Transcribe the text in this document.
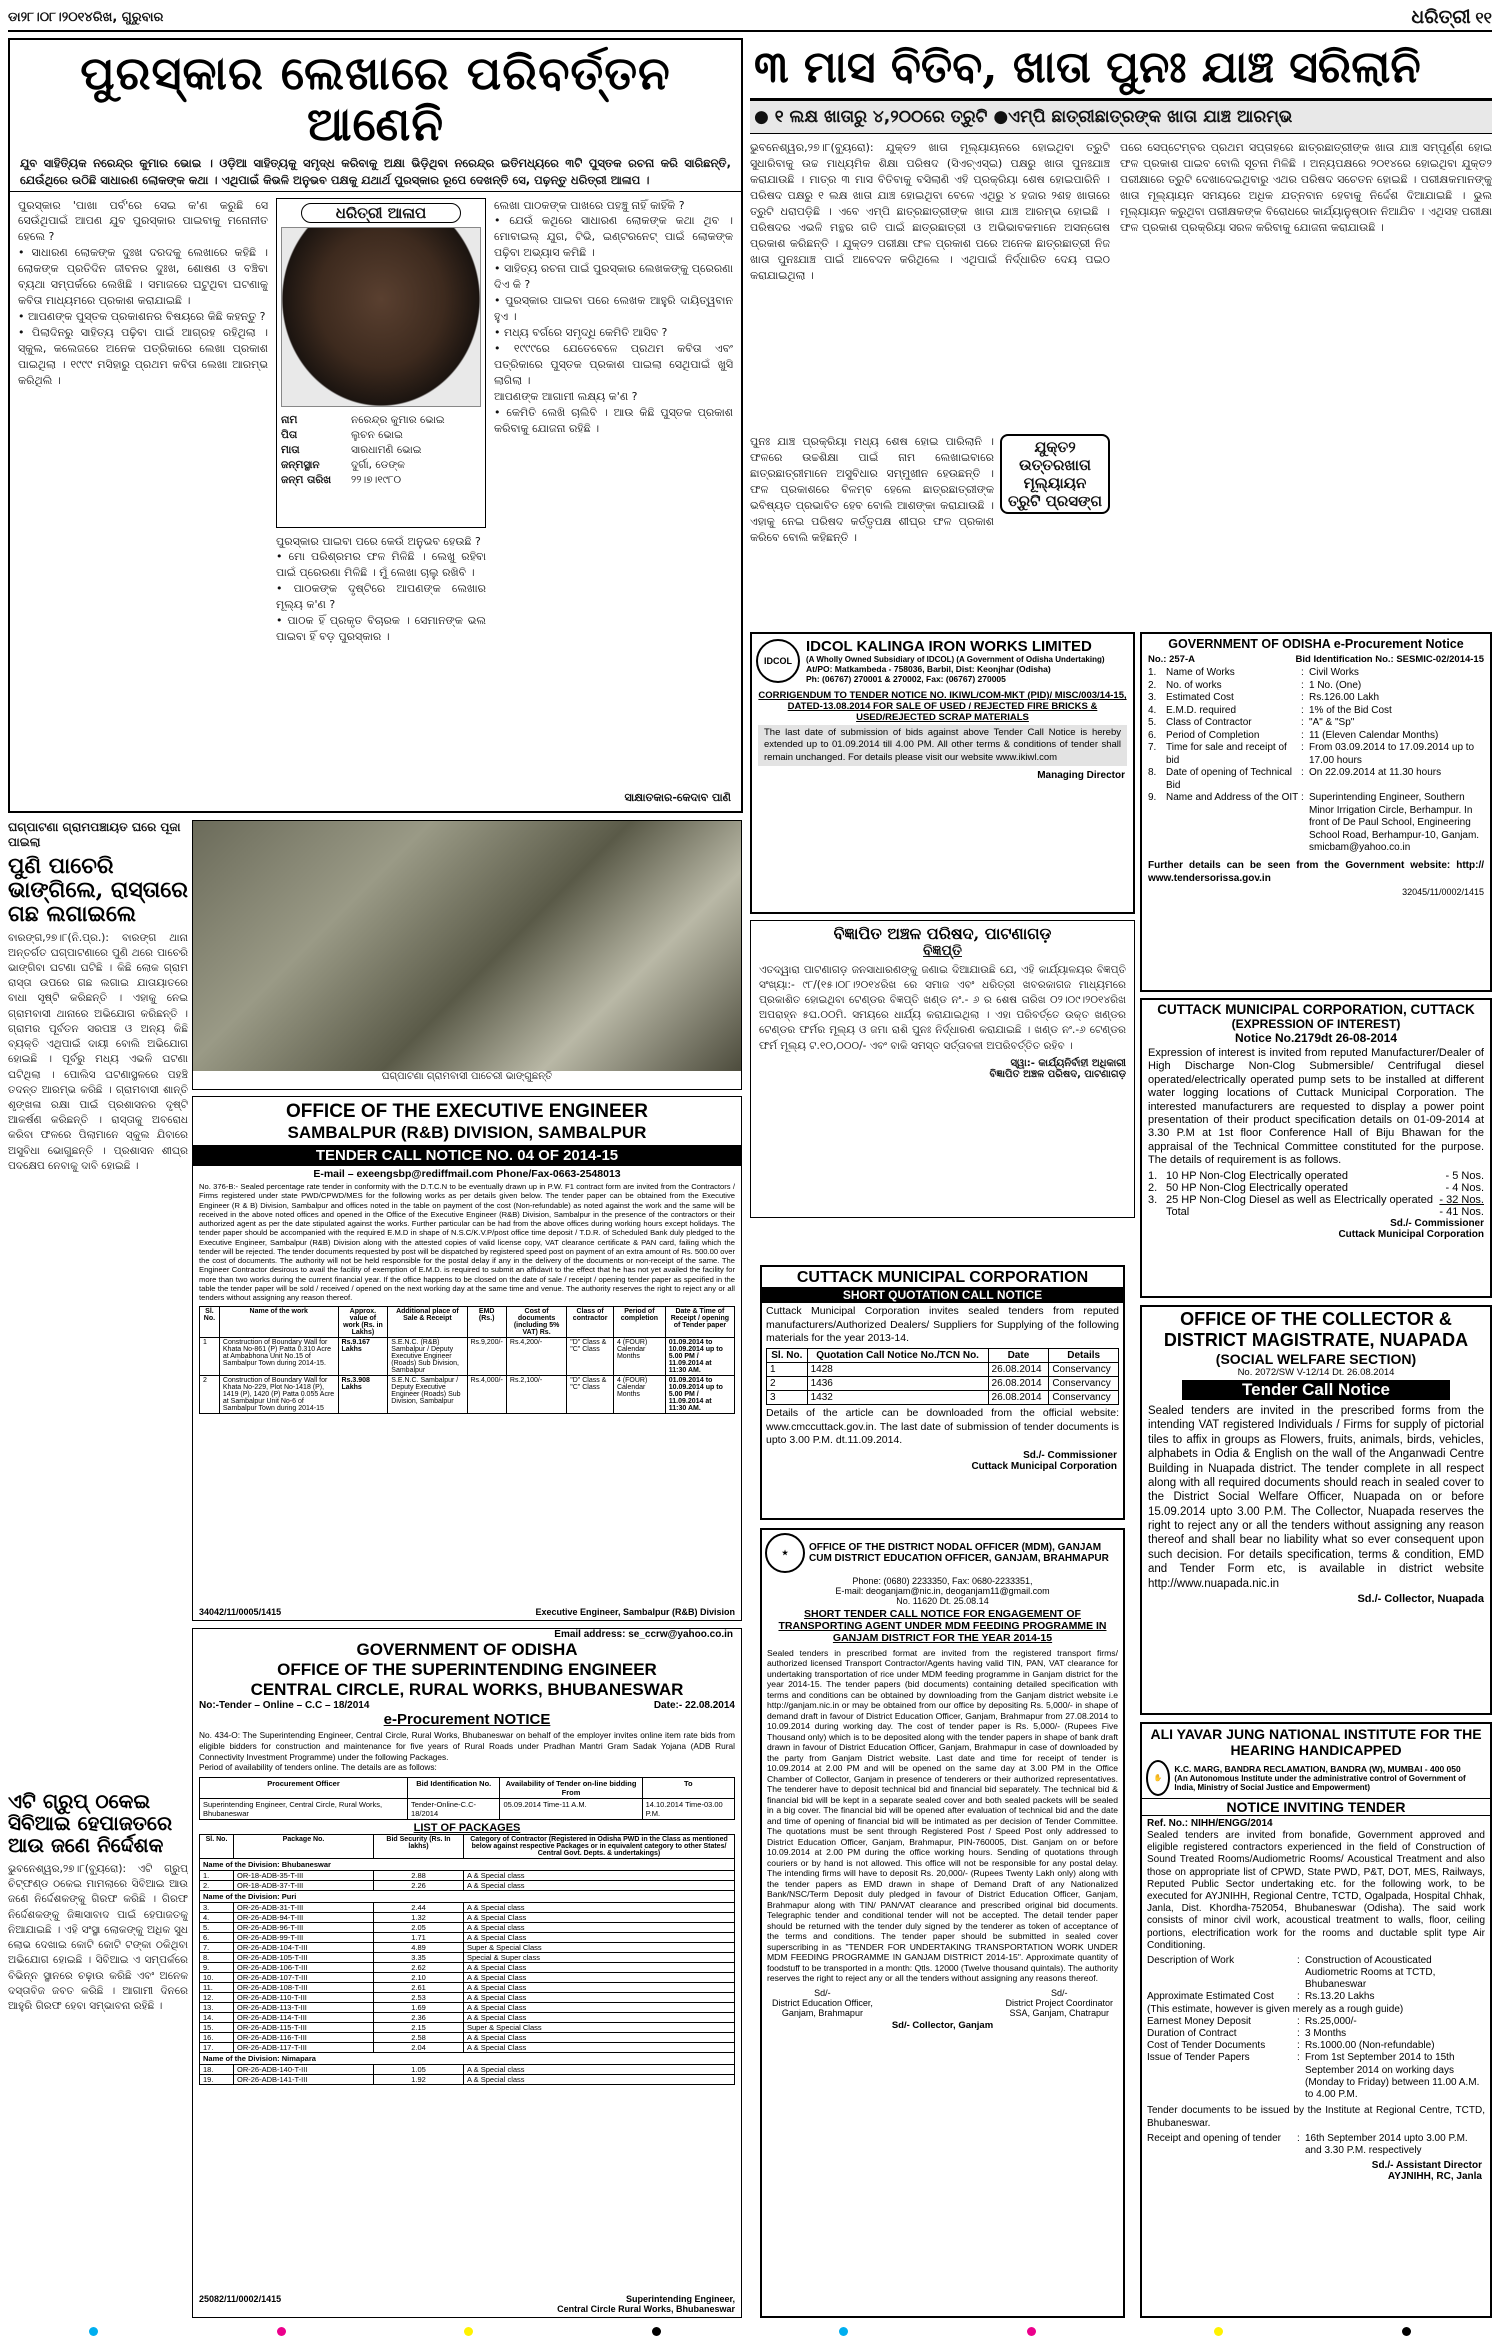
ଡା୨୮।୦୮।୨୦୧୪ରିଖ, ଗୁରୁବାର	ଧରିତ୍ରୀ ୧୧
ପୁରସ୍କାର ଲେଖାରେ ପରିବର୍ତ୍ତନ ଆଣେନି
ଯୁବ ସାହିତ୍ୟିକ ନରେନ୍ଦ୍ର କୁମାର ଭୋଇ । ଓଡ଼ିଆ ସାହିତ୍ୟକୁ ସମୃଦ୍ଧ କରିବାକୁ ଅକ୍ଷା ଭିଡ଼ିଥିବା ନରେନ୍ଦ୍ର ଇତିମଧ୍ୟରେ ୩ଟି ପୁସ୍ତକ ରଚନା କରି ସାରିଛନ୍ତି, ଯେଉଁଥିରେ ଉଠିଛି ସାଧାରଣ ଲୋକଙ୍କ କଥା । ଏଥିପାଇଁ କିଭଳି ଅନୁଭବ ପକ୍ଷକୁ ଯଥାର୍ଥ ପୁରସ୍କାର ରୂପେ ଦେଖନ୍ତି ସେ, ପଢ଼ନ୍ତୁ ଧରିତ୍ରୀ ଆଳାପ ।
ପୁରସ୍କାର 'ପାଖା ପର୍ବ'ରେ ସେଇ କ'ଣ କରୁଛି ସେ ସେଉଁଥିପାଇଁ ଆପଣ ଯୁବ ପୁରସ୍କାର ପାଇବାକୁ ମନୋନୀତ ହେଲେ ?
• ସାଧାରଣ ଲୋକଙ୍କ ଦୁଃଖ ଦରଦକୁ ଲେଖାରେ କହିଛି । ଲୋକଙ୍କ ପ୍ରତିଦିନ ଜୀବନର ଦୁଃଖ, ଶୋଷଣ ଓ ବଞ୍ଚିବା ବ୍ୟଥା ସମ୍ପର୍କରେ ଲେଖିଛି । ସମାଜରେ ଘଟୁଥିବା ଘଟଣାକୁ କବିତା ମାଧ୍ୟମରେ ପ୍ରକାଶ କରାଯାଇଛି ।
• ଆପଣଙ୍କ ପୁସ୍ତକ ପ୍ରକାଶନର ବିଷୟରେ କିଛି କହନ୍ତୁ ?
• ପିଲାଦିନରୁ ସାହିତ୍ୟ ପଢ଼ିବା ପାଇଁ ଆଗ୍ରହ ରହିଥିଲା । ସ୍କୁଲ, କଲେଜରେ ଅନେକ ପତ୍ରିକାରେ ଲେଖା ପ୍ରକାଶ ପାଇଥିଲା । ୧୯୯୯ ମସିହାରୁ ପ୍ରଥମ କବିତା ଲେଖା ଆରମ୍ଭ କରିଥିଲି ।
ଧରିତ୍ରୀ ଆଳାପ
ନାମ	ନରେନ୍ଦ୍ର କୁମାର ଭୋଇ
ପିତା	ଲୁଚନ ଭୋଇ
ମାତା	ସାରଧାମଣି ଭୋଇ
ଜନ୍ମସ୍ଥାନ	ଦୁର୍ଗା, ଡେଙ୍କ
ଜନ୍ମ ତାରିଖ	୨୨।୭।୧୯୮୦
ପୁରସ୍କାର ପାଇବା ପରେ କେଉଁ ଅନୁଭବ ହେଉଛି ?
• ମୋ ପରିଶ୍ରମର ଫଳ ମିଳିଛି । ଲେଖୁ ରହିବା ପାଇଁ ପ୍ରେରଣା ମିଳିଛି । ମୁଁ ଲେଖା ଚାଲୁ ରଖିବି ।
• ପାଠକଙ୍କ ଦୃଷ୍ଟିରେ ଆପଣଙ୍କ ଲେଖାର ମୂଲ୍ୟ କ'ଣ ?
• ପାଠକ ହିଁ ପ୍ରକୃତ ବିଚାରକ । ସେମାନଙ୍କ ଭଲ ପାଇବା ହିଁ ବଡ଼ ପୁରସ୍କାର ।
ଲେଖା ପାଠକଙ୍କ ପାଖରେ ପହଞ୍ଚୁ ନାହିଁ କାହିଁକି ?
• ଯେଉଁ କଥିରେ ସାଧାରଣ ଲୋକଙ୍କ କଥା ଥିବ । ମୋବାଇଲ୍ ଯୁଗ, ଟିଭି, ଇଣ୍ଟରନେଟ୍ ପାଇଁ ଲୋକଙ୍କ ପଢ଼ିବା ଅଭ୍ୟାସ କମିଛି ।
• ସାହିତ୍ୟ ରଚନା ପାଇଁ ପୁରସ୍କାର ଲେଖକଙ୍କୁ ପ୍ରେରଣା ଦିଏ କି ?
• ପୁରସ୍କାର ପାଇବା ପରେ ଲେଖକ ଆହୁରି ଦାୟିତ୍ୱବାନ ହୁଏ ।
• ମଧ୍ୟ ବର୍ଗରେ ସମୃଦ୍ଧି କେମିତି ଆସିବ ?
• ୧୯୯୯ରେ ଯେତେବେଳେ ପ୍ରଥମ କବିତା ଏବଂ ପତ୍ରିକାରେ ପୁସ୍ତକ ପ୍ରକାଶ ପାଇଲା ସେଥିପାଇଁ ଖୁସି ଲାଗିଲା ।
ଆପଣଙ୍କ ଆଗାମୀ ଲକ୍ଷ୍ୟ କ'ଣ ?
• କେମିତି ଲେଖି ଚାଲିବି । ଆଉ କିଛି ପୁସ୍ତକ ପ୍ରକାଶ କରିବାକୁ ଯୋଜନା ରହିଛି ।
ସାକ୍ଷାତକାର-କେଦାବ ପାଣି
୩ ମାସ ବିତିବ, ଖାତା ପୁନଃ ଯାଞ୍ଚ ସରିଲାନି
● ୧ ଲକ୍ଷ ଖାତାରୁ ୪,୨୦୦ରେ ତ୍ରୁଟି ●ଏମ୍‌ପି ଛାତ୍ରୀଛାତ୍ରଙ୍କ ଖାତା ଯାଞ୍ଚ ଆରମ୍ଭ
ଭୁବନେଶ୍ୱର,୨୭।୮(ବ୍ୟୁରୋ): ଯୁକ୍ତ୨ ଖାତା ମୂଲ୍ୟାୟନରେ ହୋଇଥିବା ତ୍ରୁଟି ସୁଧାରିବାକୁ ଉଚ୍ଚ ମାଧ୍ୟମିକ ଶିକ୍ଷା ପରିଷଦ (ସିଏଚ୍‌ଏସ୍‌ଇ) ପକ୍ଷରୁ ଖାତା ପୁନଃଯାଞ୍ଚ କରାଯାଉଛି । ମାତ୍ର ୩ ମାସ ବିତିବାକୁ ବସିଲାଣି ଏହି ପ୍ରକ୍ରିୟା ଶେଷ ହୋଇପାରିନି । ପରିଷଦ ପକ୍ଷରୁ ୧ ଲକ୍ଷ ଖାତା ଯାଞ୍ଚ ହୋଇଥିବା ବେଳେ ଏଥିରୁ ୪ ହଜାର ୨ଶହ ଖାତାରେ ତ୍ରୁଟି ଧରାପଡ଼ିଛି । ଏବେ ଏମ୍‌ପି ଛାତ୍ରଛାତ୍ରୀଙ୍କ ଖାତା ଯାଞ୍ଚ ଆରମ୍ଭ ହୋଇଛି । ପରିଷଦର ଏଭଳି ମନ୍ଥର ଗତି ପାଇଁ ଛାତ୍ରଛାତ୍ରୀ ଓ ଅଭିଭାବକମାନେ ଅସନ୍ତୋଷ ପ୍ରକାଶ କରିଛନ୍ତି । ଯୁକ୍ତ୨ ପରୀକ୍ଷା ଫଳ ପ୍ରକାଶ ପରେ ଅନେକ ଛାତ୍ରଛାତ୍ରୀ ନିଜ ଖାତା ପୁନଃଯାଞ୍ଚ ପାଇଁ ଆବେଦନ କରିଥିଲେ । ଏଥିପାଇଁ ନିର୍ଦ୍ଧାରିତ ଦେୟ ପଇଠ କରାଯାଇଥିଲା ।
ପୁନଃ ଯାଞ୍ଚ ପ୍ରକ୍ରିୟା ମଧ୍ୟ ଶେଷ ହୋଇ ପାରିଲାନି । ଫଳରେ ଉଚ୍ଚଶିକ୍ଷା ପାଇଁ ନାମ ଲେଖାଇବାରେ ଛାତ୍ରଛାତ୍ରୀମାନେ ଅସୁବିଧାର ସମ୍ମୁଖୀନ ହେଉଛନ୍ତି । ଫଳ ପ୍ରକାଶରେ ବିଳମ୍ବ ହେଲେ ଛାତ୍ରଛାତ୍ରୀଙ୍କ ଭବିଷ୍ୟତ ପ୍ରଭାବିତ ହେବ ବୋଲି ଆଶଙ୍କା କରାଯାଉଛି । ଏହାକୁ ନେଇ ପରିଷଦ କର୍ତ୍ତୃପକ୍ଷ ଶୀଘ୍ର ଫଳ ପ୍ରକାଶ କରିବେ ବୋଲି କହିଛନ୍ତି ।
ଯୁକ୍ତ୨ ଉତ୍ତରଖାତା ମୂଲ୍ୟାୟନ ତ୍ରୁଟି ପ୍ରସଙ୍ଗ
ପରେ ସେପ୍ଟେମ୍ବର ପ୍ରଥମ ସପ୍ତାହରେ ଛାତ୍ରଛାତ୍ରୀଙ୍କ ଖାତା ଯାଞ୍ଚ ସମ୍ପୂର୍ଣ୍ଣ ହୋଇ ଫଳ ପ୍ରକାଶ ପାଇବ ବୋଲି ସୂଚନା ମିଳିଛି । ଅନ୍ୟପକ୍ଷରେ ୨୦୧୪ରେ ହୋଇଥିବା ଯୁକ୍ତ୨ ପରୀକ୍ଷାରେ ତ୍ରୁଟି ଦେଖାଦେଇଥିବାରୁ ଏଥର ପରିଷଦ ସଚେତନ ହୋଇଛି । ପରୀକ୍ଷକମାନଙ୍କୁ ଖାତା ମୂଲ୍ୟାୟନ ସମୟରେ ଅଧିକ ଯତ୍ନବାନ ହେବାକୁ ନିର୍ଦ୍ଦେଶ ଦିଆଯାଇଛି । ଭୁଲ ମୂଲ୍ୟାୟନ କରୁଥିବା ପରୀକ୍ଷକଙ୍କ ବିରୋଧରେ କାର୍ଯ୍ୟାନୁଷ୍ଠାନ ନିଆଯିବ । ଏଥିସହ ପରୀକ୍ଷା ଫଳ ପ୍ରକାଶ ପ୍ରକ୍ରିୟା ସରଳ କରିବାକୁ ଯୋଜନା କରାଯାଉଛି ।
ଘଗ୍‌ପାଟଣା ଗ୍ରାମପଞ୍ଚାୟତ ଘରେ ପୂଜା ପାଇଲା
ପୁଣି ପାଚେରି ଭାଙ୍ଗିଲେ, ରାସ୍ତାରେ ଗଛ ଲଗାଇଲେ
ବାରଙ୍ଗ,୨୭।୮(ନି.ପ୍ର.): ବାରଙ୍ଗ ଥାନା ଅନ୍ତର୍ଗତ ଘଗ୍‌ପାଟଣାରେ ପୁଣି ଥରେ ପାଚେରି ଭାଙ୍ଗିବା ଘଟଣା ଘଟିଛି । କିଛି ଲୋକ ଗ୍ରାମ ରାସ୍ତା ଉପରେ ଗଛ ଲଗାଇ ଯାତାୟାତରେ ବାଧା ସୃଷ୍ଟି କରିଛନ୍ତି । ଏହାକୁ ନେଇ ଗ୍ରାମବାସୀ ଥାନାରେ ଅଭିଯୋଗ କରିଛନ୍ତି । ଗ୍ରାମର ପୂର୍ବତନ ସରପଞ୍ଚ ଓ ଅନ୍ୟ କିଛି ବ୍ୟକ୍ତି ଏଥିପାଇଁ ଦାୟୀ ବୋଲି ଅଭିଯୋଗ ହୋଇଛି । ପୂର୍ବରୁ ମଧ୍ୟ ଏଭଳି ଘଟଣା ଘଟିଥିଲା । ପୋଲିସ ଘଟଣାସ୍ଥଳରେ ପହଞ୍ଚି ତଦନ୍ତ ଆରମ୍ଭ କରିଛି । ଗ୍ରାମବାସୀ ଶାନ୍ତି ଶୃଙ୍ଖଳା ରକ୍ଷା ପାଇଁ ପ୍ରଶାସନର ଦୃଷ୍ଟି ଆକର୍ଷଣ କରିଛନ୍ତି । ରାସ୍ତାକୁ ଅବରୋଧ କରିବା ଫଳରେ ପିଲାମାନେ ସ୍କୁଲ ଯିବାରେ ଅସୁବିଧା ଭୋଗୁଛନ୍ତି । ପ୍ରଶାସନ ଶୀଘ୍ର ପଦକ୍ଷେପ ନେବାକୁ ଦାବି ହୋଇଛି ।
ଘଗ୍‌ପାଟଣା ଗ୍ରାମବାସୀ ପାଚେରୀ ଭାଙ୍ଗୁଛନ୍ତି
OFFICE OF THE EXECUTIVE ENGINEER
SAMBALPUR (R&B) DIVISION, SAMBALPUR
TENDER CALL NOTICE NO. 04 OF 2014-15
E-mail – exeengsbp@rediffmail.com Phone/Fax-0663-2548013
No. 376-B:- Sealed percentage rate tender in conformity with the D.T.C.N to be eventually drawn up in P.W. F1 contract form are invited from the Contractors / Firms registered under state PWD/CPWD/MES for the following works as per details given below. The tender paper can be obtained from the Executive Engineer (R & B) Division, Sambalpur and offices noted in the table on payment of the cost (Non-refundable) as noted against the work and the same will be received in the above noted offices and opened in the Office of the Executive Engineer (R&B) Division, Sambalpur in the presence of the contractors or their authorized agent as per the date stipulated against the works. Further particular can be had from the above offices during working hours except holidays. The tender paper should be accompanied with the required E.M.D in shape of N.S.C/K.V.P/post office time deposit / T.D.R. of Scheduled Bank duly pledged to the Executive Engineer, Sambalpur (R&B) Division along with the attested copies of valid license copy, VAT clearance certificate & PAN card, failing which the tender will be rejected. The tender documents requested by post will be dispatched by registered speed post on payment of an extra amount of Rs. 500.00 over the cost of documents. The authority will not be held responsible for the postal delay if any in the delivery of the documents or non-receipt of the same. The Engineer Contractor desirous to avail the facility of exemption of E.M.D. is required to submit an affidavit to the effect that he has not yet availed the facility for more than two works during the current financial year. If the office happens to be closed on the date of sale / receipt / opening tender paper as specified in the table the tender paper will be sold / received / opened on the next working day at the same time and venue. The authority reserves the right to reject any or all tenders without assigning any reason thereof.
Sl. No.	Name of the work	Approx. value of work (Rs. in Lakhs)	Additional place of Sale & Receipt	EMD (Rs.)	Cost of documents (including 5% VAT) Rs.	Class of contractor	Period of completion	Date & Time of Receipt / opening of Tender paper
1	Construction of Boundary Wall for Khata No-861 (P) Patta 0.310 Acre at Ambabhona Unit No.15 of Sambalpur Town during 2014-15.	Rs.9.167 Lakhs	S.E.N.C. (R&B) Sambalpur / Deputy Executive Engineer (Roads) Sub Division, Sambalpur	Rs.9,200/-	Rs.4,200/-	"D" Class & "C" Class	4 (FOUR) Calendar Months	01.09.2014 to 10.09.2014 up to 5.00 PM / 11.09.2014 at 11:30 AM.
2	Construction of Boundary Wall for Khata No-229, Plot No-1418 (P), 1419 (P), 1420 (P) Patta 0.055 Acre at Sambalpur Unit No-6 of Sambalpur Town during 2014-15	Rs.3.908 Lakhs	S.E.N.C. Sambalpur / Deputy Executive Engineer (Roads) Sub Division, Sambalpur	Rs.4,000/-	Rs.2,100/-	"D" Class & "C" Class	4 (FOUR) Calendar Months	01.09.2014 to 10.09.2014 up to 5.00 PM / 11.09.2014 at 11:30 AM.
34042/11/0005/1415	Executive Engineer, Sambalpur (R&B) Division
ଏଟି ଗ୍ରୁପ୍ ଠକେଇ ସିବିଆଇ ହେପାଜତରେ ଆଉ ଜଣେ ନିର୍ଦ୍ଦେଶକ
ଭୁବନେଶ୍ୱର,୨୭।୮(ବ୍ୟୁରୋ): ଏଟି ଗ୍ରୁପ୍ ଚିଟ୍‌ଫଣ୍ଡ ଠକେଇ ମାମଲାରେ ସିବିଆଇ ଆଉ ଜଣେ ନିର୍ଦ୍ଦେଶକଙ୍କୁ ଗିରଫ କରିଛି । ଗିରଫ ନିର୍ଦ୍ଦେଶକଙ୍କୁ ଜିଜ୍ଞାସାବାଦ ପାଇଁ ହେପାଜତକୁ ନିଆଯାଇଛି । ଏହି ସଂସ୍ଥା ଲୋକଙ୍କୁ ଅଧିକ ସୁଧ ଲୋଭ ଦେଖାଇ କୋଟି କୋଟି ଟଙ୍କା ଠକିଥିବା ଅଭିଯୋଗ ହୋଇଛି । ସିବିଆଇ ଏ ସମ୍ପର୍କରେ ବିଭିନ୍ନ ସ୍ଥାନରେ ଚଢ଼ାଉ କରିଛି ଏବଂ ଅନେକ ଦସ୍ତାବିଜ ଜବତ କରିଛି । ଆଗାମୀ ଦିନରେ ଆହୁରି ଗିରଫ ହେବା ସମ୍ଭାବନା ରହିଛି ।
Email address: se_ccrw@yahoo.co.in
GOVERNMENT OF ODISHA
OFFICE OF THE SUPERINTENDING ENGINEER
CENTRAL CIRCLE, RURAL WORKS, BHUBANESWAR
No:-Tender – Online – C.C – 18/2014	Date:- 22.08.2014
e-Procurement NOTICE
No. 434-O: The Superintending Engineer, Central Circle, Rural Works, Bhubaneswar on behalf of the employer invites online item rate bids from eligible bidders for construction and maintenance for five years of Rural Roads under Pradhan Mantri Gram Sadak Yojana (ADB Rural Connectivity Investment Programme) under the following Packages.
Period of availability of tenders online. The details are as follows:
Procurement Officer	Bid Identification No.	Availability of Tender on-line bidding From	To
Superintending Engineer, Central Circle, Rural Works, Bhubaneswar	Tender-Online-C.C-18/2014	05.09.2014 Time-11 A.M.	14.10.2014 Time-03.00 P.M.
LIST OF PACKAGES
Sl. No.	Package No.	Bid Security (Rs. In lakhs)	Category of Contractor (Registered in Odisha PWD in the Class as mentioned below against respective Packages or in equivalent category to other States/ Central Govt. Depts. & undertakings)
Name of the Division: Bhubaneswar			
1.	OR-18-ADB-35-T-III	2.88	A & Special class
2.	OR-18-ADB-37-T-III	2.26	A & Special class
Name of the Division: Puri			
3.	OR-26-ADB-31-T-III	2.44	A & Special class
4.	OR-26-ADB-94-T-III	1.32	A & Special Class
5.	OR-26-ADB-96-T-III	2.05	A & Special class
6.	OR-26-ADB-99-T-III	1.71	A & Special Class
7.	OR-26-ADB-104-T-III	4.89	Super & Special Class
8.	OR-26-ADB-105-T-III	3.35	Special & Super class
9.	OR-26-ADB-106-T-III	2.62	A & Special Class
10.	OR-26-ADB-107-T-III	2.10	A & Special Class
11.	OR-26-ADB-108-T-III	2.61	A & Special Class
12.	OR-26-ADB-110-T-III	2.53	A & Special Class
13.	OR-26-ADB-113-T-III	1.69	A & Special Class
14.	OR-26-ADB-114-T-III	2.36	A & Special Class
15.	OR-26-ADB-115-T-III	2.15	Super & Special Class
16.	OR-26-ADB-116-T-III	2.58	A & Special Class
17.	OR-26-ADB-117-T-III	2.04	A & Special Class
Name of the Division: Nimapara			
18.	OR-26-ADB-140-T-III	1.05	A & Special class
19.	OR-26-ADB-141-T-III	1.92	A & Special class
25082/11/0002/1415	Superintending Engineer,
Central Circle Rural Works, Bhubaneswar
IDCOL
IDCOL KALINGA IRON WORKS LIMITED
(A Wholly Owned Subsidiary of IDCOL) (A Government of Odisha Undertaking)
At/PO: Matkambeda - 758036, Barbil, Dist: Keonjhar (Odisha)
Ph: (06767) 270001 & 270002, Fax: (06767) 270005
CORRIGENDUM TO TENDER NOTICE NO. IKIWL/COM-MKT (PID)/ MISC/003/14-15, DATED-13.08.2014 FOR SALE OF USED / REJECTED FIRE BRICKS & USED/REJECTED SCRAP MATERIALS
The last date of submission of bids against above Tender Call Notice is hereby extended up to 01.09.2014 till 4.00 PM. All other terms & conditions of tender shall remain unchanged. For details please visit our website www.ikiwl.com
Managing Director
ବିଜ୍ଞାପିତ ଅଞ୍ଚଳ ପରିଷଦ, ପାଟଣାଗଡ଼
ବିଜ୍ଞପ୍ତି
ଏତଦ୍ୱାରା ପାଟଣାଗଡ଼ ଜନସାଧାରଣଙ୍କୁ ଜଣାଇ ଦିଆଯାଉଛି ଯେ, ଏହି କାର୍ଯ୍ୟାଳୟର ବିଜ୍ଞପ୍ତି ସଂଖ୍ୟା:- ୯୮/(୧୫।୦୮।୨୦୧୪ରିଖ ରେ ସମାଜ ଏବଂ ଧରିତ୍ରୀ ଖବରକାଗଜ ମାଧ୍ୟମରେ ପ୍ରକାଶିତ ହୋଇଥିବା ଟେଣ୍ଡର ବିଜ୍ଞପ୍ତି ଖଣ୍ଡ ନଂ.- ୬ ର ଶେଷ ତାରିଖ ୦୨।୦୯।୨୦୧୪ରିଖ ଅପରାହ୍ନ ୫ଘ.୦୦ମି. ସମୟରେ ଧାର୍ଯ୍ୟ କରାଯାଇଥିଲା । ଏହା ପରିବର୍ତ୍ତେ ଉକ୍ତ ଖଣ୍ଡର ଟେଣ୍ଡର ଫର୍ମର ମୂଲ୍ୟ ଓ ଜମା ରାଶି ପୁନଃ ନିର୍ଦ୍ଧାରଣ କରାଯାଇଛି । ଖଣ୍ଡ ନଂ.-୬ ଟେଣ୍ଡର ଫର୍ମ ମୂଲ୍ୟ ଟ.୧୦,୦୦୦/- ଏବଂ ବାକି ସମସ୍ତ ସର୍ତ୍ତାବଳୀ ଅପରିବର୍ତ୍ତିତ ରହିବ ।
ସ୍ୱା:- କାର୍ଯ୍ୟନିର୍ବାହୀ ଅଧିକାରୀ
ବିଜ୍ଞାପିତ ଅଞ୍ଚଳ ପରିଷଦ, ପାଟଣାଗଡ଼
CUTTACK MUNICIPAL CORPORATION
SHORT QUOTATION CALL NOTICE
Cuttack Municipal Corporation invites sealed tenders from reputed manufacturers/Authorized Dealers/ Suppliers for Supplying of the following materials for the year 2013-14.
Sl. No.	Quotation Call Notice No./TCN No.	Date	Details
1	1428	26.08.2014	Conservancy
2	1436	26.08.2014	Conservancy
3	1432	26.08.2014	Conservancy
Details of the article can be downloaded from the official website: www.cmccuttack.gov.in. The last date of submission of tender documents is upto 3.00 P.M. dt.11.09.2014.
Sd./- Commissioner
Cuttack Municipal Corporation
★
OFFICE OF THE DISTRICT NODAL OFFICER (MDM), GANJAM
CUM DISTRICT EDUCATION OFFICER, GANJAM, BRAHMAPUR
Phone: (0680) 2233350, Fax: 0680-2233351,
E-mail: deoganjam@nic.in, deoganjam11@gmail.com
No. 11620 Dt. 25.08.14
SHORT TENDER CALL NOTICE FOR ENGAGEMENT OF TRANSPORTING AGENT UNDER MDM FEEDING PROGRAMME IN GANJAM DISTRICT FOR THE YEAR 2014-15
Sealed tenders in prescribed format are invited from the registered transport firms/ authorized licensed Transport Contractor/Agents having valid TIN, PAN, VAT clearance for undertaking transportation of rice under MDM feeding programme in Ganjam district for the year 2014-15. The tender papers (bid documents) containing detailed specification with terms and conditions can be obtained by downloading from the Ganjam district website i.e http://ganjam.nic.in or may be obtained from our office by depositing Rs. 5,000/- in shape of demand draft in favour of District Education Officer, Ganjam, Brahmapur from 27.08.2014 to 10.09.2014 during working day. The cost of tender paper is Rs. 5,000/- (Rupees Five Thousand only) which is to be deposited along with the tender papers in shape of bank draft drawn in favour of District Education Officer, Ganjam, Brahmapur in case of downloaded by the party from Ganjam District website. Last date and time for receipt of tender is 10.09.2014 at 2.00 PM and will be opened on the same day at 3.00 PM in the Office Chamber of Collector, Ganjam in presence of tenderers or their authorized representatives. The tenderer have to deposit technical bid and financial bid separately. The technical bid & financial bid will be kept in a separate sealed cover and both sealed packets will be sealed in a big cover. The financial bid will be opened after evaluation of technical bid and the date and time of opening of financial bid will be intimated as per decision of Tender Committee. The quotations must be sent through Registered Post / Speed Post only addressed to District Education Officer, Ganjam, Brahmapur, PIN-760005, Dist. Ganjam on or before 10.09.2014 at 2.00 PM during the office working hours. Sending of quotations through couriers or by hand is not allowed. This office will not be responsible for any postal delay. The intending firms will have to deposit Rs. 20,000/- (Rupees Twenty Lakh only) along with the tender papers as EMD drawn in shape of Demand Draft of any Nationalized Bank/NSC/Term Deposit duly pledged in favour of District Education Officer, Ganjam, Brahmapur along with TIN/ PAN/VAT clearance and prescribed original bid documents. Telegraphic tender and conditional tender will not be accepted. The detail tender paper should be returned with the tender duly signed by the tenderer as token of acceptance of the terms and conditions. The tender paper should be submitted in sealed cover superscribing in as "TENDER FOR UNDERTAKING TRANSPORTATION WORK UNDER MDM FEEDING PROGRAMME IN GANJAM DISTRICT 2014-15". Approximate quantity of foodstuff to be transported in a month: Qtls. 12000 (Twelve thousand quintals). The authority reserves the right to reject any or all the tenders without assigning any reasons thereof.
Sd/-
District Education Officer,
Ganjam, Brahmapur
Sd/-
District Project Coordinator
SSA, Ganjam, Chatrapur
Sd/- Collector, Ganjam
GOVERNMENT OF ODISHA e-Procurement Notice
No.: 257-A	Bid Identification No.: SESMIC-02/2014-15
1. Name of Works	: Civil Works
2. No. of works	: 1 No. (One)
3. Estimated Cost	: Rs.126.00 Lakh
4. E.M.D. required	: 1% of the Bid Cost
5. Class of Contractor	: "A" & "Sp"
6. Period of Completion	: 11 (Eleven Calendar Months)
7. Time for sale and receipt of bid
: From 03.09.2014 to 17.09.2014 up to 17.00 hours
8. Date of opening of Technical Bid
: On 22.09.2014 at 11.30 hours
9. Name and Address of the OIT : Superintending Engineer, Southern Minor Irrigation Circle, Berhampur. In front of De Paul School, Engineering School Road, Berhampur-10, Ganjam. smicbam@yahoo.co.in
Further details can be seen from the Government website: http:// www.tendersorissa.gov.in
32045/11/0002/1415
CUTTACK MUNICIPAL CORPORATION, CUTTACK
(EXPRESSION OF INTEREST)
Notice No.2179dt 26-08-2014
Expression of interest is invited from reputed Manufacturer/Dealer of High Discharge Non-Clog Submersible/ Centrifugal diesel operated/electrically operated pump sets to be installed at different water logging locations of Cuttack Municipal Corporation. The interested manufacturers are requested to display a power point presentation of their product specification details on 01-09-2014 at 3.30 P.M at 1st floor Conference Hall of Biju Bhawan for the appraisal of the Technical Committee constituted for the purpose. The details of requirement is as follows.
1. 10 HP Non-Clog Electrically operated	- 5 Nos.
2. 50 HP Non-Clog Electrically operated	- 4 Nos.
3. 25 HP Non-Clog Diesel as well as Electrically operated - 32 Nos.
Total	- 41 Nos.
Sd./- Commissioner
Cuttack Municipal Corporation
OFFICE OF THE COLLECTOR &
DISTRICT MAGISTRATE, NUAPADA
(SOCIAL WELFARE SECTION)
No. 2072/SW V-12/14 Dt. 26.08.2014
Tender Call Notice
Sealed tenders are invited in the prescribed forms from the intending VAT registered Individuals / Firms for supply of pictorial tiles to affix in groups as Flowers, fruits, animals, birds, vehicles, alphabets in Odia & English on the wall of the Anganwadi Centre Building in Nuapada district. The tender complete in all respect along with all required documents should reach in sealed cover to the District Social Welfare Officer, Nuapada on or before 15.09.2014 upto 3.00 P.M. The Collector, Nuapada reserves the right to reject any or all the tenders without assigning any reason thereof and shall bear no liability what so ever consequent upon such decision. For details specification, terms & condition, EMD and Tender Form etc, is available in district website http://www.nuapada.nic.in
Sd./- Collector, Nuapada
ALI YAVAR JUNG NATIONAL INSTITUTE FOR THE HEARING HANDICAPPED
✋
K.C. MARG, BANDRA RECLAMATION, BANDRA (W), MUMBAI - 400 050
(An Autonomous Institute under the administrative control of Government of India, Ministry of Social Justice and Empowerment)
NOTICE INVITING TENDER
Ref. No.: NIHH/ENGG/2014
Sealed tenders are invited from bonafide, Government approved and eligible registered contractors experienced in the field of Construction of Sound Treated Rooms/Audiometric Rooms/ Acoustical Treatment and also those on appropriate list of CPWD, State PWD, P&T, DOT, MES, Railways, Reputed Public Sector undertaking etc. for the following work, to be executed for AYJNIHH, Regional Centre, TCTD, Ogalpada, Hospital Chhak, Janla, Dist. Khordha-752054, Bhubaneswar (Odisha). The said work consists of minor civil work, acoustical treatment to walls, floor, ceiling portions, electrification work for the rooms and ductable split type Air Conditioning.
Description of Work	: Construction of Acousticated Audiometric Rooms at TCTD, Bhubaneswar
Approximate Estimated Cost	: Rs.13.20 Lakhs
(This estimate, however is given merely as a rough guide)
Earnest Money Deposit	: Rs.25,000/-
Duration of Contract	: 3 Months
Cost of Tender Documents	: Rs.1000.00 (Non-refundable)
Issue of Tender Papers	: From 1st September 2014 to 15th September 2014 on working days (Monday to Friday) between 11.00 A.M. to 4.00 P.M.
Tender documents to be issued by the Institute at Regional Centre, TCTD, Bhubaneswar.
Receipt and opening of tender	: 16th September 2014 upto 3.00 P.M. and 3.30 P.M. respectively
Sd./- Assistant Director
AYJNIHH, RC, Janla
